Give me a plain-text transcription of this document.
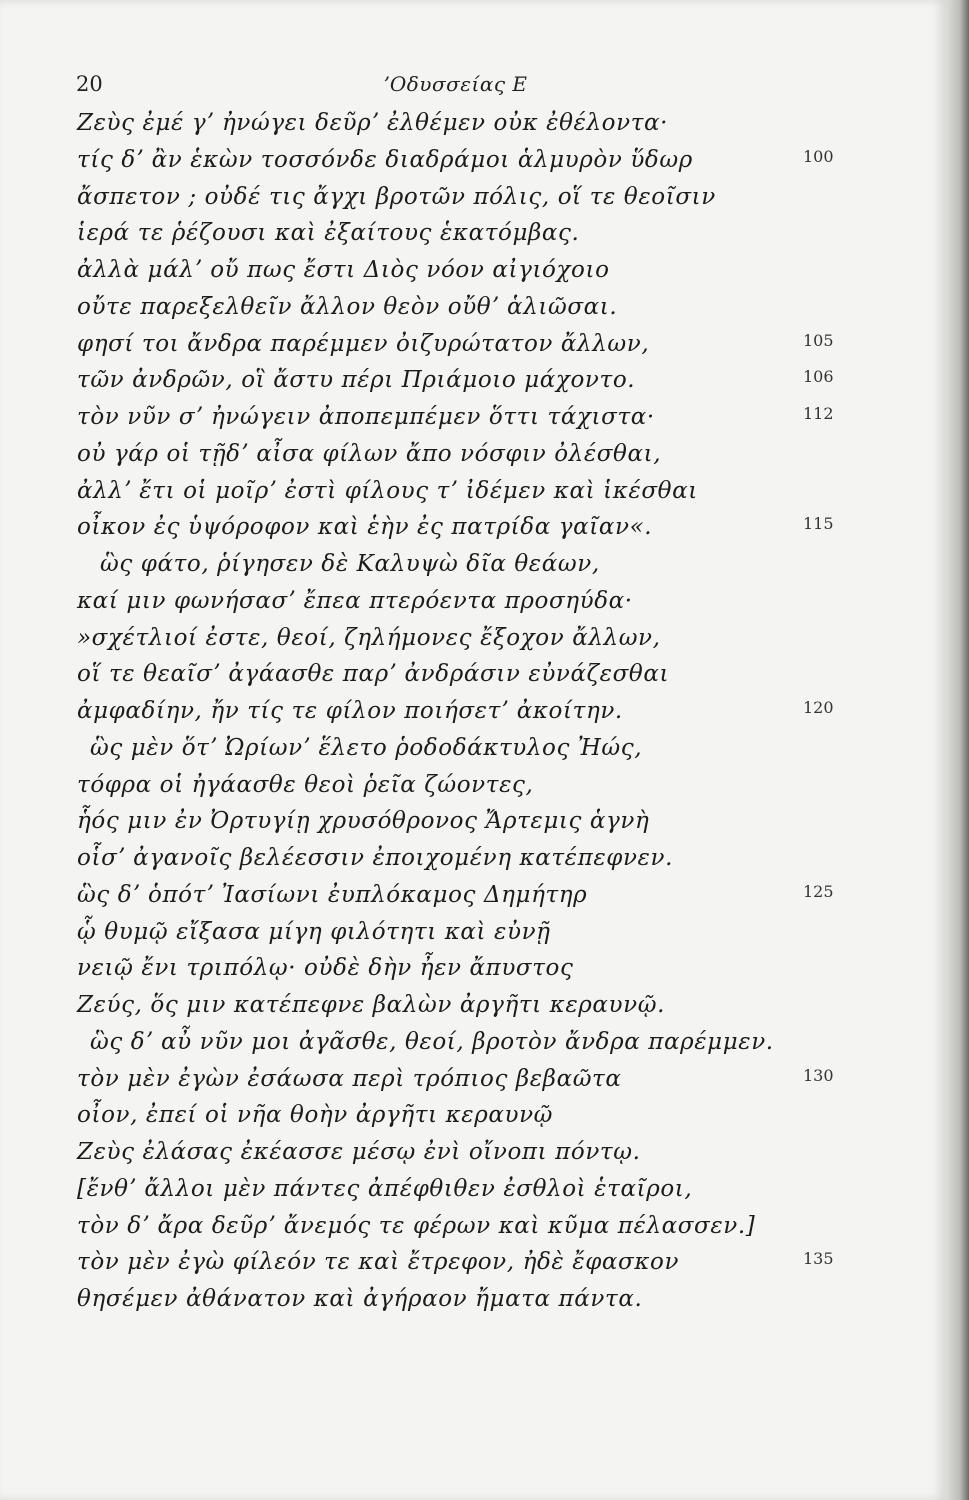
20	ʼΟδυσσείας Ε
Ζεὺς ἐμέ γʼ ἠνώγει δεῦρʼ ἐλθέμεν οὐκ ἐθέλοντα·
τίς δʼ ἂν ἑκὼν τοσσόνδε διαδράμοι ἁλμυρὸν ὕδωρ	100
ἄσπετον ; οὐδέ τις ἄγχι βροτῶν πόλις, οἵ τε θεοῖσιν
ἱερά τε ῥέζουσι καὶ ἐξαίτους ἑκατόμβας.
ἀλλὰ μάλʼ οὔ πως ἔστι Διὸς νόον αἰγιόχοιο
οὔτε παρεξελθεῖν ἄλλον θεὸν οὔθʼ ἁλιῶσαι.
φησί τοι ἄνδρα παρέμμεν ὀιζυρώτατον ἄλλων,	105
τῶν ἀνδρῶν, οἳ ἄστυ πέρι Πριάμοιο μάχοντο.	106
τὸν νῦν σʼ ἠνώγειν ἀποπεμπέμεν ὅττι τάχιστα·	112
οὐ γάρ οἱ τῇδʼ αἶσα φίλων ἄπο νόσφιν ὀλέσθαι,
ἀλλʼ ἔτι οἱ μοῖρʼ ἐστὶ φίλους τʼ ἰδέμεν καὶ ἱκέσθαι
οἶκον ἐς ὑψόροφον καὶ ἑὴν ἐς πατρίδα γαῖαν«.	115
ὣς φάτο, ῥίγησεν δὲ Καλυψὼ δῖα θεάων,
καί μιν φωνήσασʼ ἔπεα πτερόεντα προσηύδα·
»σχέτλιοί ἐστε, θεοί, ζηλήμονες ἔξοχον ἄλλων,
οἵ τε θεαῖσʼ ἀγάασθε παρʼ ἀνδράσιν εὐνάζεσθαι
ἀμφαδίην, ἤν τίς τε φίλον ποιήσετʼ ἀκοίτην.	120
ὣς μὲν ὅτʼ Ὠρίωνʼ ἕλετο ῥοδοδάκτυλος Ἠώς,
τόφρα οἱ ἠγάασθε θεοὶ ῥεῖα ζώοντες,
ἧός μιν ἐν Ὀρτυγίῃ χρυσόθρονος Ἄρτεμις ἁγνὴ
οἷσʼ ἀγανοῖς βελέεσσιν ἐποιχομένη κατέπεφνεν.
ὣς δʼ ὁπότʼ Ἰασίωνι ἐυπλόκαμος Δημήτηρ	125
ᾧ θυμῷ εἴξασα μίγη φιλότητι καὶ εὐνῇ
νειῷ ἔνι τριπόλῳ· οὐδὲ δὴν ἦεν ἄπυστος
Ζεύς, ὅς μιν κατέπεφνε βαλὼν ἀργῆτι κεραυνῷ.
ὣς δʼ αὖ νῦν μοι ἀγᾶσθε, θεοί, βροτὸν ἄνδρα παρέμμεν.
τὸν μὲν ἐγὼν ἐσάωσα περὶ τρόπιος βεβαῶτα	130
οἶον, ἐπεί οἱ νῆα θοὴν ἀργῆτι κεραυνῷ
Ζεὺς ἐλάσας ἐκέασσε μέσῳ ἐνὶ οἴνοπι πόντῳ.
[ἔνθʼ ἄλλοι μὲν πάντες ἀπέφθιθεν ἐσθλοὶ ἑταῖροι,
τὸν δʼ ἄρα δεῦρʼ ἄνεμός τε φέρων καὶ κῦμα πέλασσεν.]
τὸν μὲν ἐγὼ φίλεόν τε καὶ ἔτρεφον, ἠδὲ ἔφασκον	135
θησέμεν ἀθάνατον καὶ ἀγήραον ἤματα πάντα.
